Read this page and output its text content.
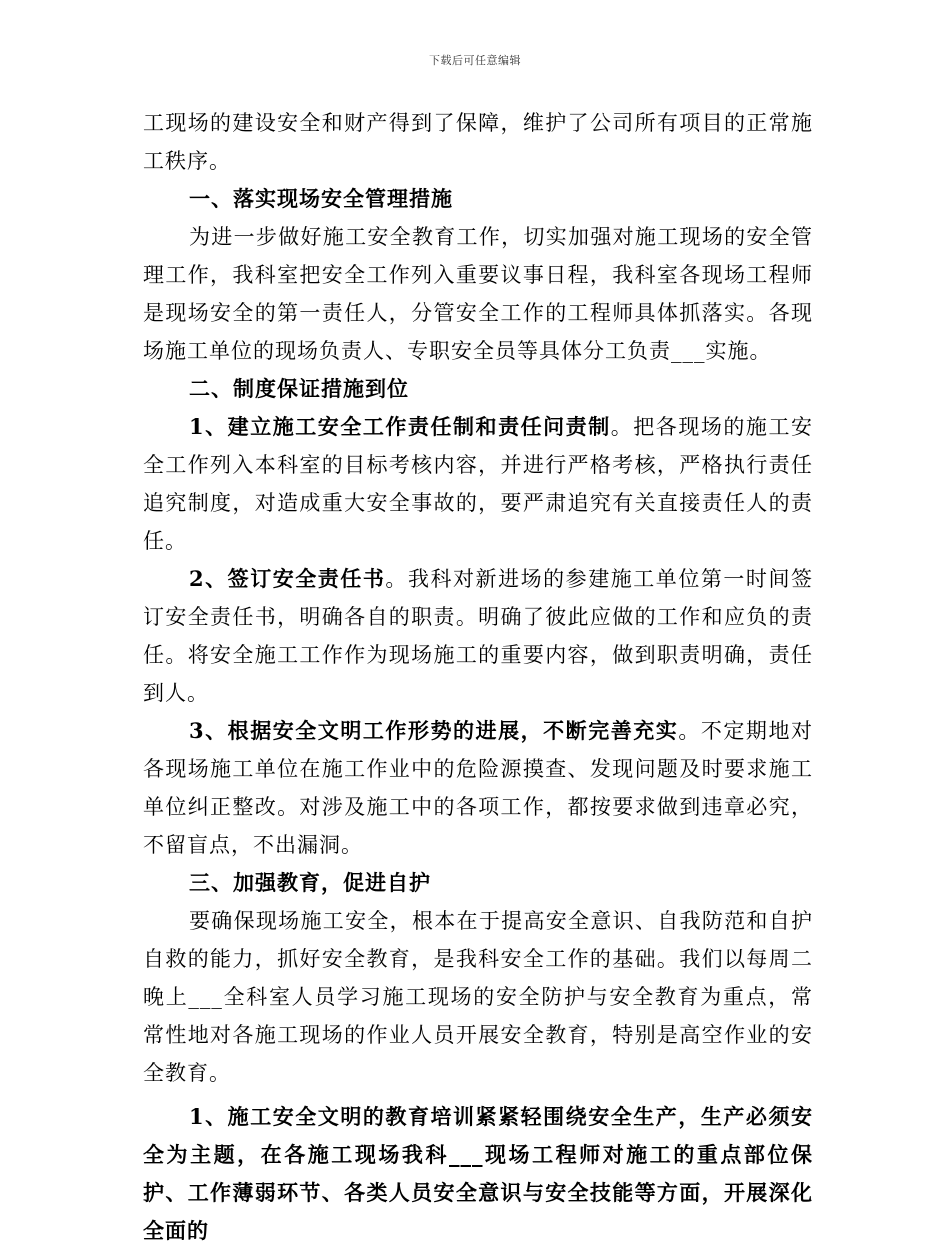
下载后可任意编辑

工现场的建设安全和财产得到了保障，维护了公司所有项目的正常施工秩序。

一、落实现场安全管理措施

为进一步做好施工安全教育工作，切实加强对施工现场的安全管理工作，我科室把安全工作列入重要议事日程，我科室各现场工程师是现场安全的第一责任人，分管安全工作的工程师具体抓落实。各现场施工单位的现场负责人、专职安全员等具体分工负责___实施。

二、制度保证措施到位

1、建立施工安全工作责任制和责任问责制。把各现场的施工安全工作列入本科室的目标考核内容，并进行严格考核，严格执行责任追究制度，对造成重大安全事故的，要严肃追究有关直接责任人的责任。

2、签订安全责任书。我科对新进场的参建施工单位第一时间签订安全责任书，明确各自的职责。明确了彼此应做的工作和应负的责任。将安全施工工作作为现场施工的重要内容，做到职责明确，责任到人。

3、根据安全文明工作形势的进展，不断完善充实。不定期地对各现场施工单位在施工作业中的危险源摸查、发现问题及时要求施工单位纠正整改。对涉及施工中的各项工作，都按要求做到违章必究，不留盲点，不出漏洞。

三、加强教育，促进自护

要确保现场施工安全，根本在于提高安全意识、自我防范和自护自救的能力，抓好安全教育，是我科安全工作的基础。我们以每周二晚上___全科室人员学习施工现场的安全防护与安全教育为重点，常常性地对各施工现场的作业人员开展安全教育，特别是高空作业的安全教育。

1、施工安全文明的教育培训紧紧轻围绕安全生产，生产必须安全为主题，在各施工现场我科___现场工程师对施工的重点部位保护、工作薄弱环节、各类人员安全意识与安全技能等方面，开展深化全面的
